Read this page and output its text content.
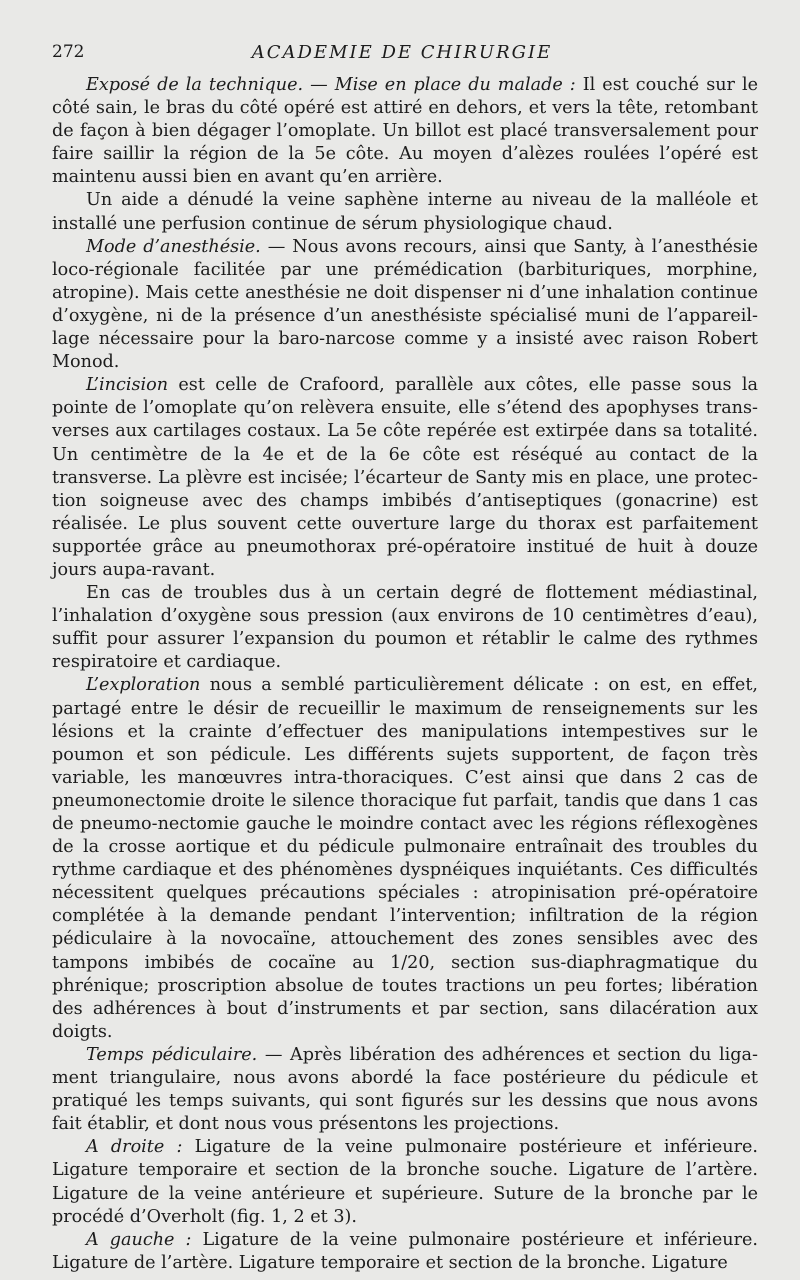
272	ACADEMIE DE CHIRURGIE

Exposé de la technique. — Mise en place du malade : Il est couché sur le côté sain, le bras du côté opéré est attiré en dehors, et vers la tête, retombant de façon à bien dégager l’omoplate. Un billot est placé transversalement pour faire saillir la région de la 5e côte. Au moyen d’alèzes roulées l’opéré est maintenu aussi bien en avant qu’en arrière.

Un aide a dénudé la veine saphène interne au niveau de la malléole et installé une perfusion continue de sérum physiologique chaud.

Mode d’anesthésie. — Nous avons recours, ainsi que Santy, à l’anesthésie loco-régionale facilitée par une prémédication (barbituriques, morphine, atropine). Mais cette anesthésie ne doit dispenser ni d’une inhalation continue d’oxygène, ni de la présence d’un anesthésiste spécialisé muni de l’appareil-lage nécessaire pour la baro-narcose comme y a insisté avec raison Robert Monod.

L’incision est celle de Crafoord, parallèle aux côtes, elle passe sous la pointe de l’omoplate qu’on relèvera ensuite, elle s’étend des apophyses trans-verses aux cartilages costaux. La 5e côte repérée est extirpée dans sa totalité. Un centimètre de la 4e et de la 6e côte est réséqué au contact de la transverse. La plèvre est incisée; l’écarteur de Santy mis en place, une protec-tion soigneuse avec des champs imbibés d’antiseptiques (gonacrine) est réalisée. Le plus souvent cette ouverture large du thorax est parfaitement supportée grâce au pneumothorax pré-opératoire institué de huit à douze jours aupa-ravant.

En cas de troubles dus à un certain degré de flottement médiastinal, l’inhalation d’oxygène sous pression (aux environs de 10 centimètres d’eau), suffit pour assurer l’expansion du poumon et rétablir le calme des rythmes respiratoire et cardiaque.

L’exploration nous a semblé particulièrement délicate : on est, en effet, partagé entre le désir de recueillir le maximum de renseignements sur les lésions et la crainte d’effectuer des manipulations intempestives sur le poumon et son pédicule. Les différents sujets supportent, de façon très variable, les manœuvres intra-thoraciques. C’est ainsi que dans 2 cas de pneumonectomie droite le silence thoracique fut parfait, tandis que dans 1 cas de pneumo-nectomie gauche le moindre contact avec les régions réflexogènes de la crosse aortique et du pédicule pulmonaire entraînait des troubles du rythme cardiaque et des phénomènes dyspnéiques inquiétants. Ces difficultés nécessitent quelques précautions spéciales : atropinisation pré-opératoire complétée à la demande pendant l’intervention; infiltration de la région pédiculaire à la novocaïne, attouchement des zones sensibles avec des tampons imbibés de cocaïne au 1/20, section sus-diaphragmatique du phrénique; proscription absolue de toutes tractions un peu fortes; libération des adhérences à bout d’instruments et par section, sans dilacération aux doigts.

Temps pédiculaire. — Après libération des adhérences et section du liga-ment triangulaire, nous avons abordé la face postérieure du pédicule et pratiqué les temps suivants, qui sont figurés sur les dessins que nous avons fait établir, et dont nous vous présentons les projections.

A droite : Ligature de la veine pulmonaire postérieure et inférieure. Ligature temporaire et section de la bronche souche. Ligature de l’artère. Ligature de la veine antérieure et supérieure. Suture de la bronche par le procédé d’Overholt (fig. 1, 2 et 3).

A gauche : Ligature de la veine pulmonaire postérieure et inférieure. Ligature de l’artère. Ligature temporaire et section de la bronche. Ligature
